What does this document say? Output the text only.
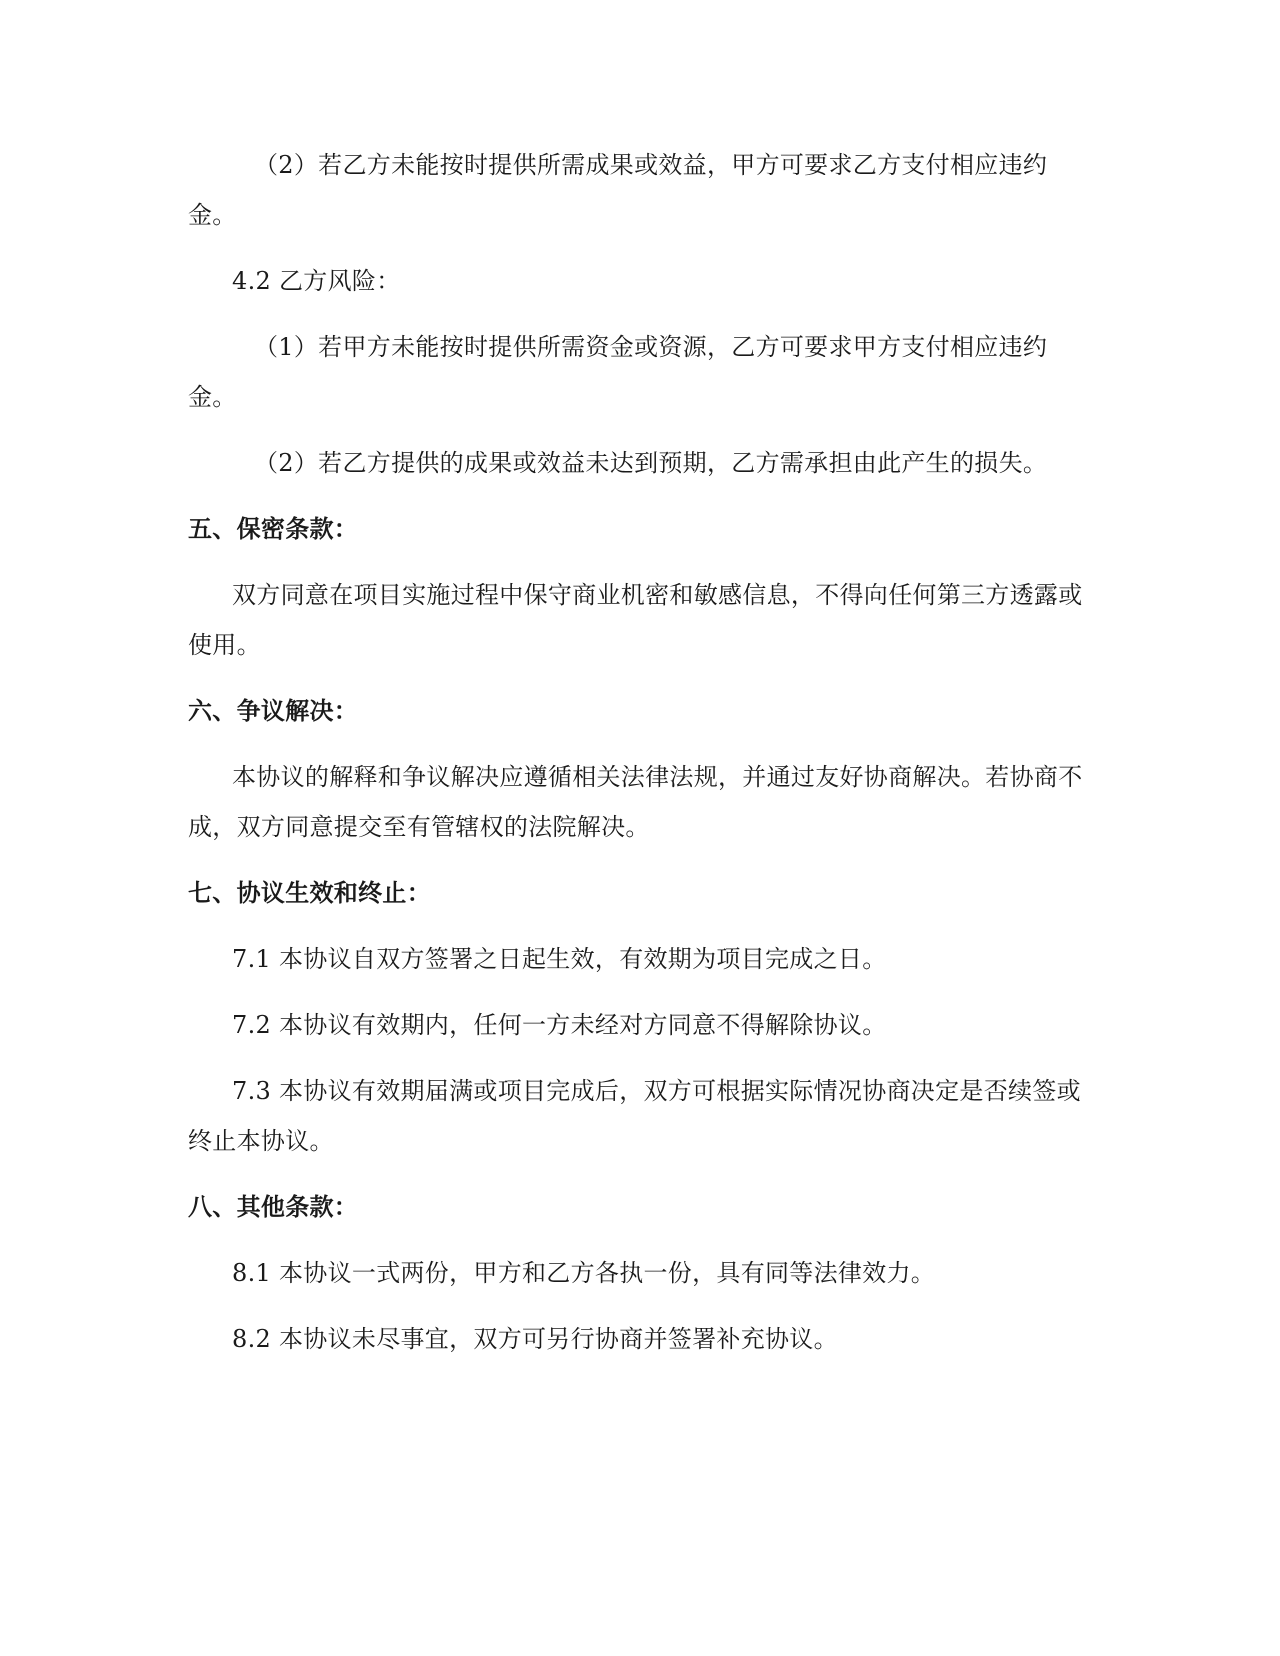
（2）若乙方未能按时提供所需成果或效益，甲方可要求乙方支付相应违约金。

4.2 乙方风险：

（1）若甲方未能按时提供所需资金或资源，乙方可要求甲方支付相应违约金。

（2）若乙方提供的成果或效益未达到预期，乙方需承担由此产生的损失。

五、保密条款：

双方同意在项目实施过程中保守商业机密和敏感信息，不得向任何第三方透露或使用。

六、争议解决：

本协议的解释和争议解决应遵循相关法律法规，并通过友好协商解决。若协商不成，双方同意提交至有管辖权的法院解决。

七、协议生效和终止：

7.1 本协议自双方签署之日起生效，有效期为项目完成之日。

7.2 本协议有效期内，任何一方未经对方同意不得解除协议。

7.3 本协议有效期届满或项目完成后，双方可根据实际情况协商决定是否续签或终止本协议。

八、其他条款：

8.1 本协议一式两份，甲方和乙方各执一份，具有同等法律效力。

8.2 本协议未尽事宜，双方可另行协商并签署补充协议。
